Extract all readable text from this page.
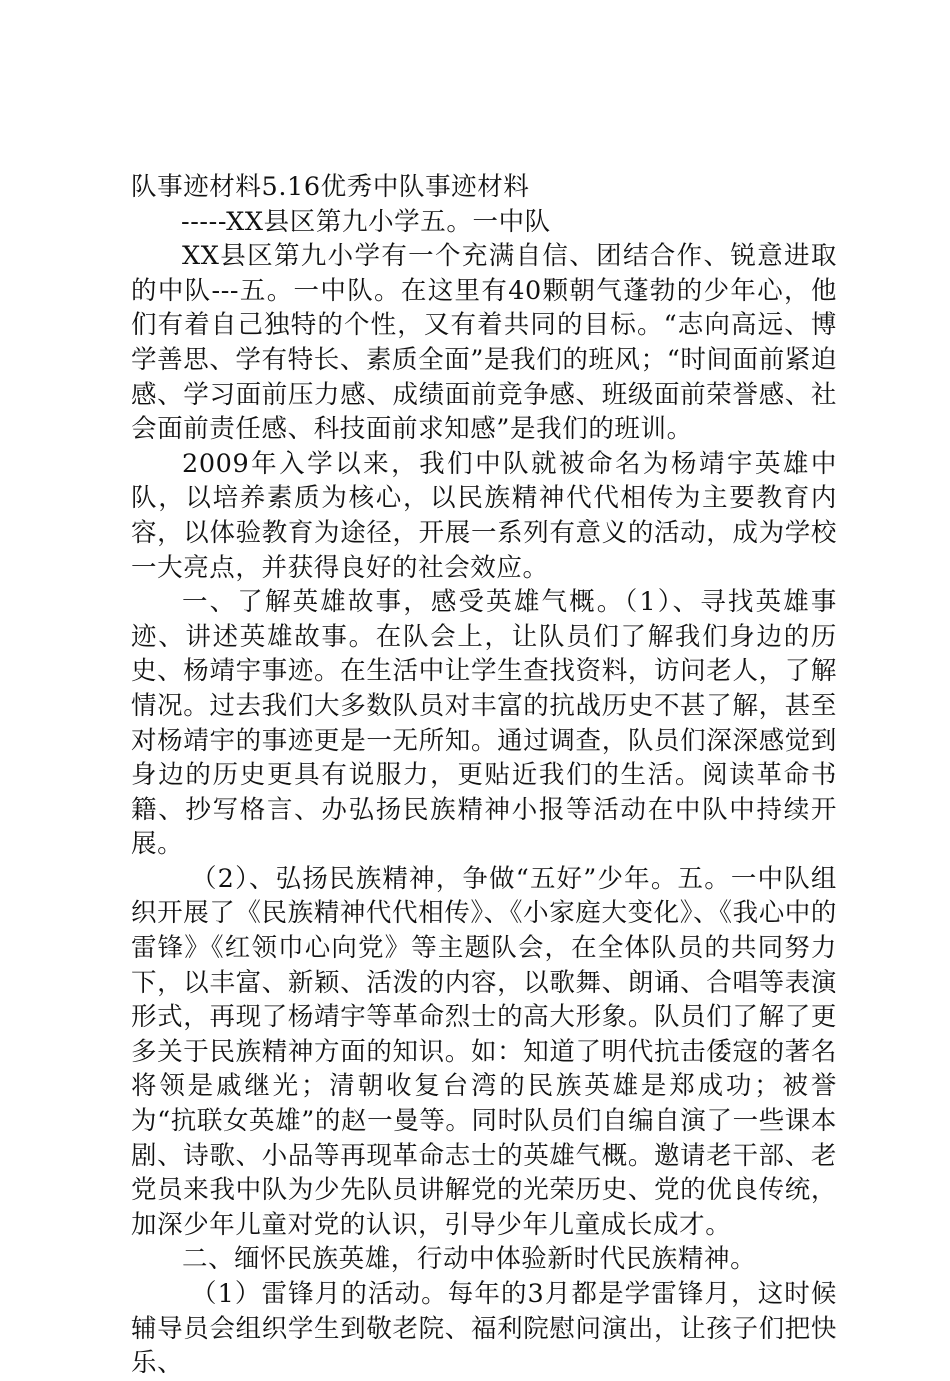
队事迹材料5.16优秀中队事迹材料

-----XX县区第九小学五。一中队

XX县区第九小学有一个充满自信、团结合作、锐意进取的中队---五。一中队。在这里有40颗朝气蓬勃的少年心，他们有着自己独特的个性，又有着共同的目标。“志向高远、博学善思、学有特长、素质全面”是我们的班风；“时间面前紧迫感、学习面前压力感、成绩面前竞争感、班级面前荣誉感、社会面前责任感、科技面前求知感”是我们的班训。

2009年入学以来，我们中队就被命名为杨靖宇英雄中队，以培养素质为核心，以民族精神代代相传为主要教育内容，以体验教育为途径，开展一系列有意义的活动，成为学校一大亮点，并获得良好的社会效应。

一、了解英雄故事，感受英雄气概。（1）、寻找英雄事迹、讲述英雄故事。在队会上，让队员们了解我们身边的历史、杨靖宇事迹。在生活中让学生查找资料，访问老人，了解情况。过去我们大多数队员对丰富的抗战历史不甚了解，甚至对杨靖宇的事迹更是一无所知。通过调查，队员们深深感觉到身边的历史更具有说服力，更贴近我们的生活。阅读革命书籍、抄写格言、办弘扬民族精神小报等活动在中队中持续开展。

（2）、弘扬民族精神，争做“五好”少年。五。一中队组织开展了《民族精神代代相传》、《小家庭大变化》、《我心中的雷锋》《红领巾心向党》等主题队会，在全体队员的共同努力下，以丰富、新颖、活泼的内容，以歌舞、朗诵、合唱等表演形式，再现了杨靖宇等革命烈士的高大形象。队员们了解了更多关于民族精神方面的知识。如：知道了明代抗击倭寇的著名将领是戚继光；清朝收复台湾的民族英雄是郑成功；被誉为“抗联女英雄”的赵一曼等。同时队员们自编自演了一些课本剧、诗歌、小品等再现革命志士的英雄气概。邀请老干部、老党员来我中队为少先队员讲解党的光荣历史、党的优良传统，加深少年儿童对党的认识，引导少年儿童成长成才。

二、缅怀民族英雄，行动中体验新时代民族精神。

（1）雷锋月的活动。每年的3月都是学雷锋月，这时候辅导员会组织学生到敬老院、福利院慰问演出，让孩子们把快乐、
